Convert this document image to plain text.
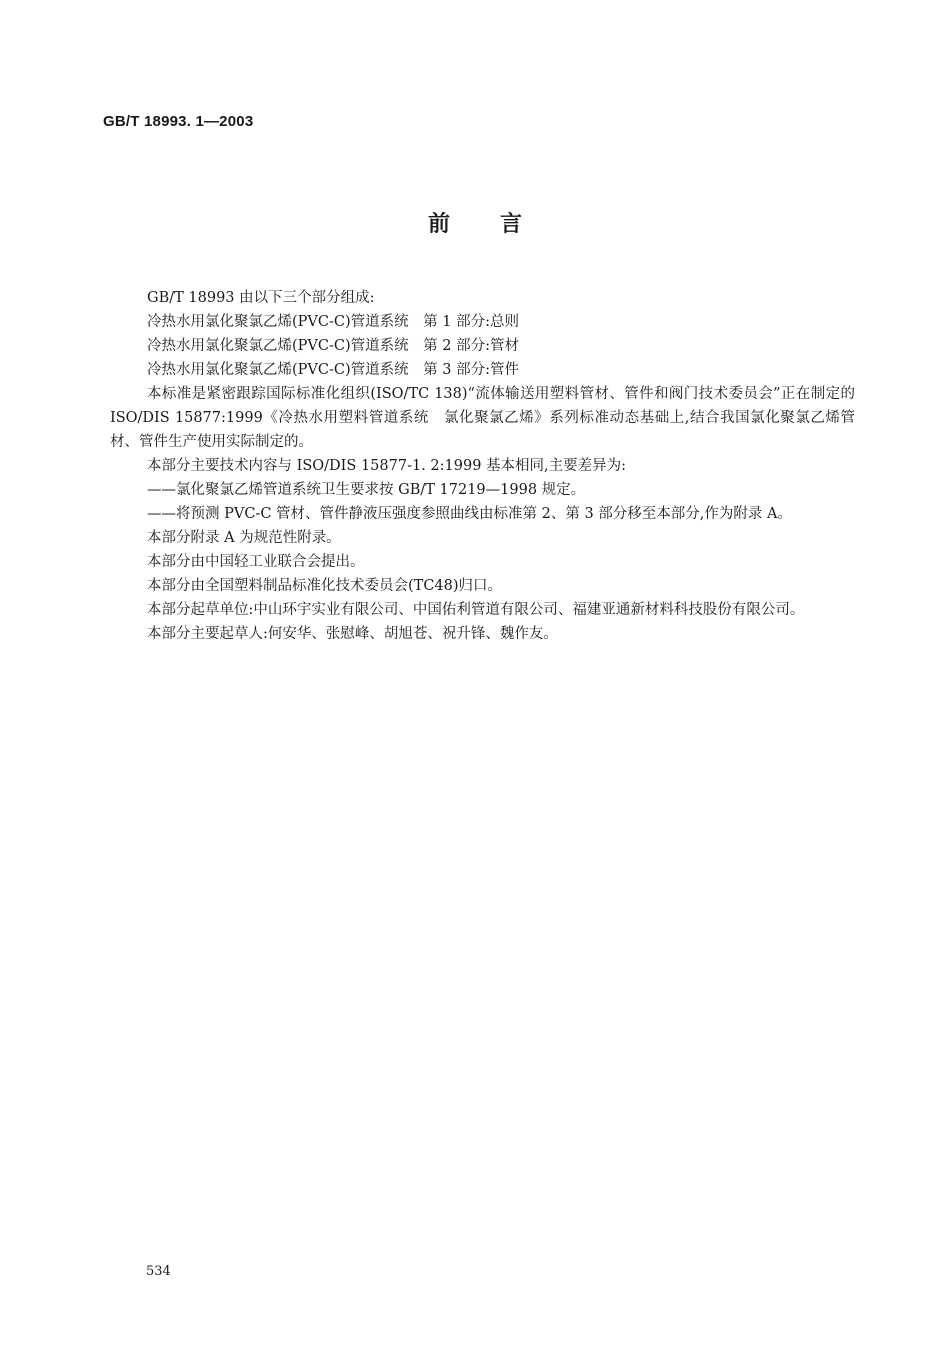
GB/T 18993. 1—2003
前 言

GB/T 18993 由以下三个部分组成:

冷热水用氯化聚氯乙烯(PVC-C)管道系统　第 1 部分:总则

冷热水用氯化聚氯乙烯(PVC-C)管道系统　第 2 部分:管材

冷热水用氯化聚氯乙烯(PVC-C)管道系统　第 3 部分:管件

本标准是紧密跟踪国际标准化组织(ISO/TC 138)“流体输送用塑料管材、管件和阀门技术委员会”正在制定的 ISO/DIS 15877:1999《冷热水用塑料管道系统　氯化聚氯乙烯》系列标准动态基础上,结合我国氯化聚氯乙烯管材、管件生产使用实际制定的。

本部分主要技术内容与 ISO/DIS 15877-1. 2:1999 基本相同,主要差异为:

——氯化聚氯乙烯管道系统卫生要求按 GB/T 17219—1998 规定。

——将预测 PVC-C 管材、管件静液压强度参照曲线由标准第 2、第 3 部分移至本部分,作为附录 A。

本部分附录 A 为规范性附录。

本部分由中国轻工业联合会提出。

本部分由全国塑料制品标准化技术委员会(TC48)归口。

本部分起草单位:中山环宇实业有限公司、中国佑利管道有限公司、福建亚通新材料科技股份有限公司。

本部分主要起草人:何安华、张慰峰、胡旭苍、祝升锋、魏作友。

534
